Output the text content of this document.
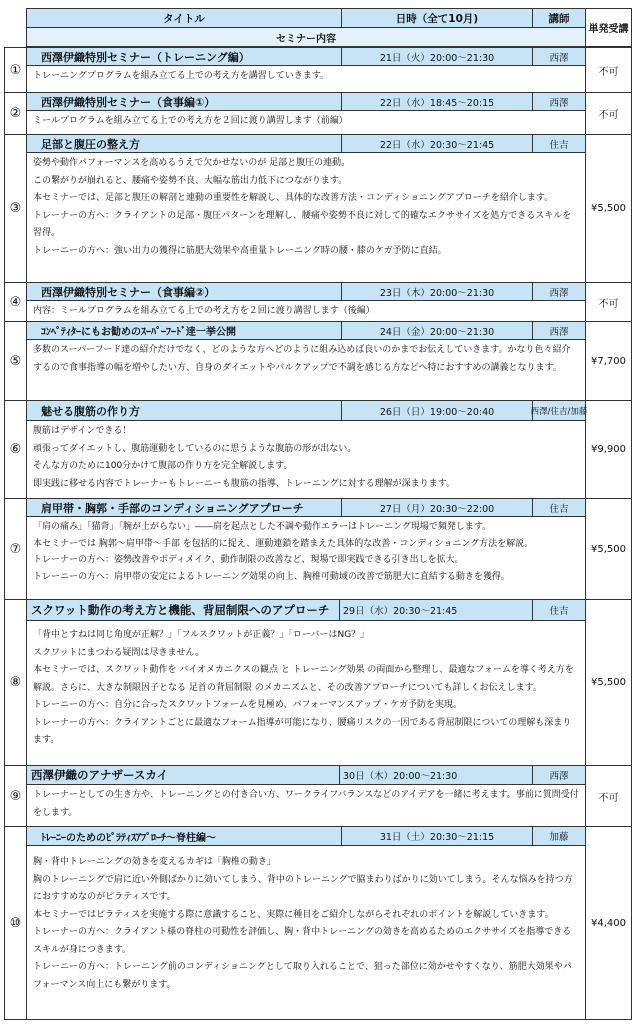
タイトル	日時（全て10月)	講師
単発受講
セミナー内容
①
西澤伊織特別セミナー（トレーニング編）	21日（火）20:00～21:30	西澤
トレーニングプログラムを組み立てる上での考え方を講習していきます。	不可
②
西澤伊織特別セミナー（食事編①）	22日（水）18:45～20:15	西澤
ミールプログラムを組み立てる上での考え方を２回に渡り講習します（前編）	不可
③
足部と腹圧の整え方	22日（水）20:30～21:45	住吉
姿勢や動作パフォーマンスを高めるうえで欠かせないのが 足部と腹圧の連動。
この繋がりが崩れると、腰痛や姿勢不良、大幅な筋出力低下につながります。
本セミナーでは、足部と腹圧の解剖と連動の重要性を解説し、具体的な改善方法・コンディショニングアプローチを紹介します。
トレーナーの方へ：クライアントの足部・腹圧パターンを理解し、腰痛や姿勢不良に対して的確なエクササイズを処方できるスキルを習得。
トレーニーの方へ：強い出力の獲得に筋肥大効果や高重量トレーニング時の腰・膝のケガ予防に直結。
¥5,500
④
西澤伊織特別セミナー（食事編②）	23日（木）20:00～21:30	西澤
内容：ミールプログラムを組み立てる上での考え方を２回に渡り講習します（後編）
不可
⑤
ｺﾝﾍﾟﾃｨﾀｰにもお勧めのｽｰﾊﾟｰﾌｰﾄﾞ逹一挙公開	24日（金）20:00～21:30	西澤
多数のスーパーフード達の紹介だけでなく、どのような方へどのように組み込めば良いのかまでお伝えしていきます。かなり色々紹介するので食事指導の幅を増やしたい方、自身のダイエットやバルクアップで不調を感じる方などへ特におすすめの講義となります。
¥7,700
⑥
魅せる腹筋の作り方	26日（日）19:00～20:40	西澤/住吉/加藤
腹筋はデザインできる！
頑張ってダイエットし、腹筋運動をしているのに思うような腹筋の形が出ない。
そんな方のために100分かけて腹部の作り方を完全解説します。
即実践に移せる内容でトレーナーもトレーニーも腹筋の指導、トレーニングに対する理解が深まります。
¥9,900
⑦
肩甲帯・胸郭・手部のコンディショニングアプローチ	27日（月）20:30～22:00	住吉
「肩の痛み」「猫背」「腕が上がらない」――肩を起点とした不調や動作エラーはトレーニング現場で頻発します。
本セミナーでは 胸郭〜肩甲帯〜手部 を包括的に捉え、運動連鎖を踏まえた具体的な改善・コンディショニング方法を解説。
トレーナーの方へ：姿勢改善やボディメイク、動作制限の改善など、現場で即実践できる引き出しを拡大。
トレーニーの方へ：肩甲帯の安定によるトレーニング効果の向上、胸椎可動域の改善で筋肥大に直結する動きを獲得。
¥5,500
⑧
スクワット動作の考え方と機能、背屈制限へのアプローチ	29日（水）20:30～21:45	住吉
「背中とすねは同じ角度が正解？」「フルスクワットが正義？」「ローバーはNG？」
スクワットにまつわる疑問は尽きません。
本セミナーでは、スクワット動作を バイオメカニクスの観点 と トレーニング効果 の両面から整理し、最適なフォームを導く考え方を解説。さらに、大きな制限因子となる 足首の背屈制限 のメカニズムと、その改善アプローチについても詳しくお伝えします。
トレーニーの方へ：自分に合ったスクワットフォームを見極め、パフォーマンスアップ・ケガ予防を実現。
トレーナーの方へ：クライアントごとに最適なフォーム指導が可能になり、腰痛リスクの一因である背屈制限についての理解も深まります。
¥5,500
⑨
西澤伊織のアナザースカイ	30日（木）20:00～21:30	西澤
トレーナーとしての生き方や、トレーニングとの付き合い方、ワークライフバランスなどのアイデアを一緒に考えます。事前に質問受付をします。
不可
⑩
ﾄﾚｰﾆｰのためのﾋﾟﾗﾃｨｽｱﾌﾟﾛｰﾁ～脊柱編～	31日（土）20:30～21:15	加藤
胸・背中トレーニングの効きを変えるカギは「胸椎の動き」
胸のトレーニングで肩に近い外側ばかりに効いてしまう、背中のトレーニングで脇まわりばかりに効いてしまう。そんな悩みを持つ方におすすめなのがピラティスです。
本セミナーではピラティスを実施する際に意識すること、実際に種目をご紹介しながらそれぞれのポイントを解説していきます。
トレーナーの方へ：クライアント様の脊柱の可動性を評価し、胸・背中トレーニングの効きを高めるためのエクササイズを指導できるスキルが身につきます。
トレーニーの方へ：トレーニング前のコンディショニングとして取り入れることで、狙った部位に効かせやすくなり、筋肥大効果やパフォーマンス向上にも繋がります。
¥4,400
